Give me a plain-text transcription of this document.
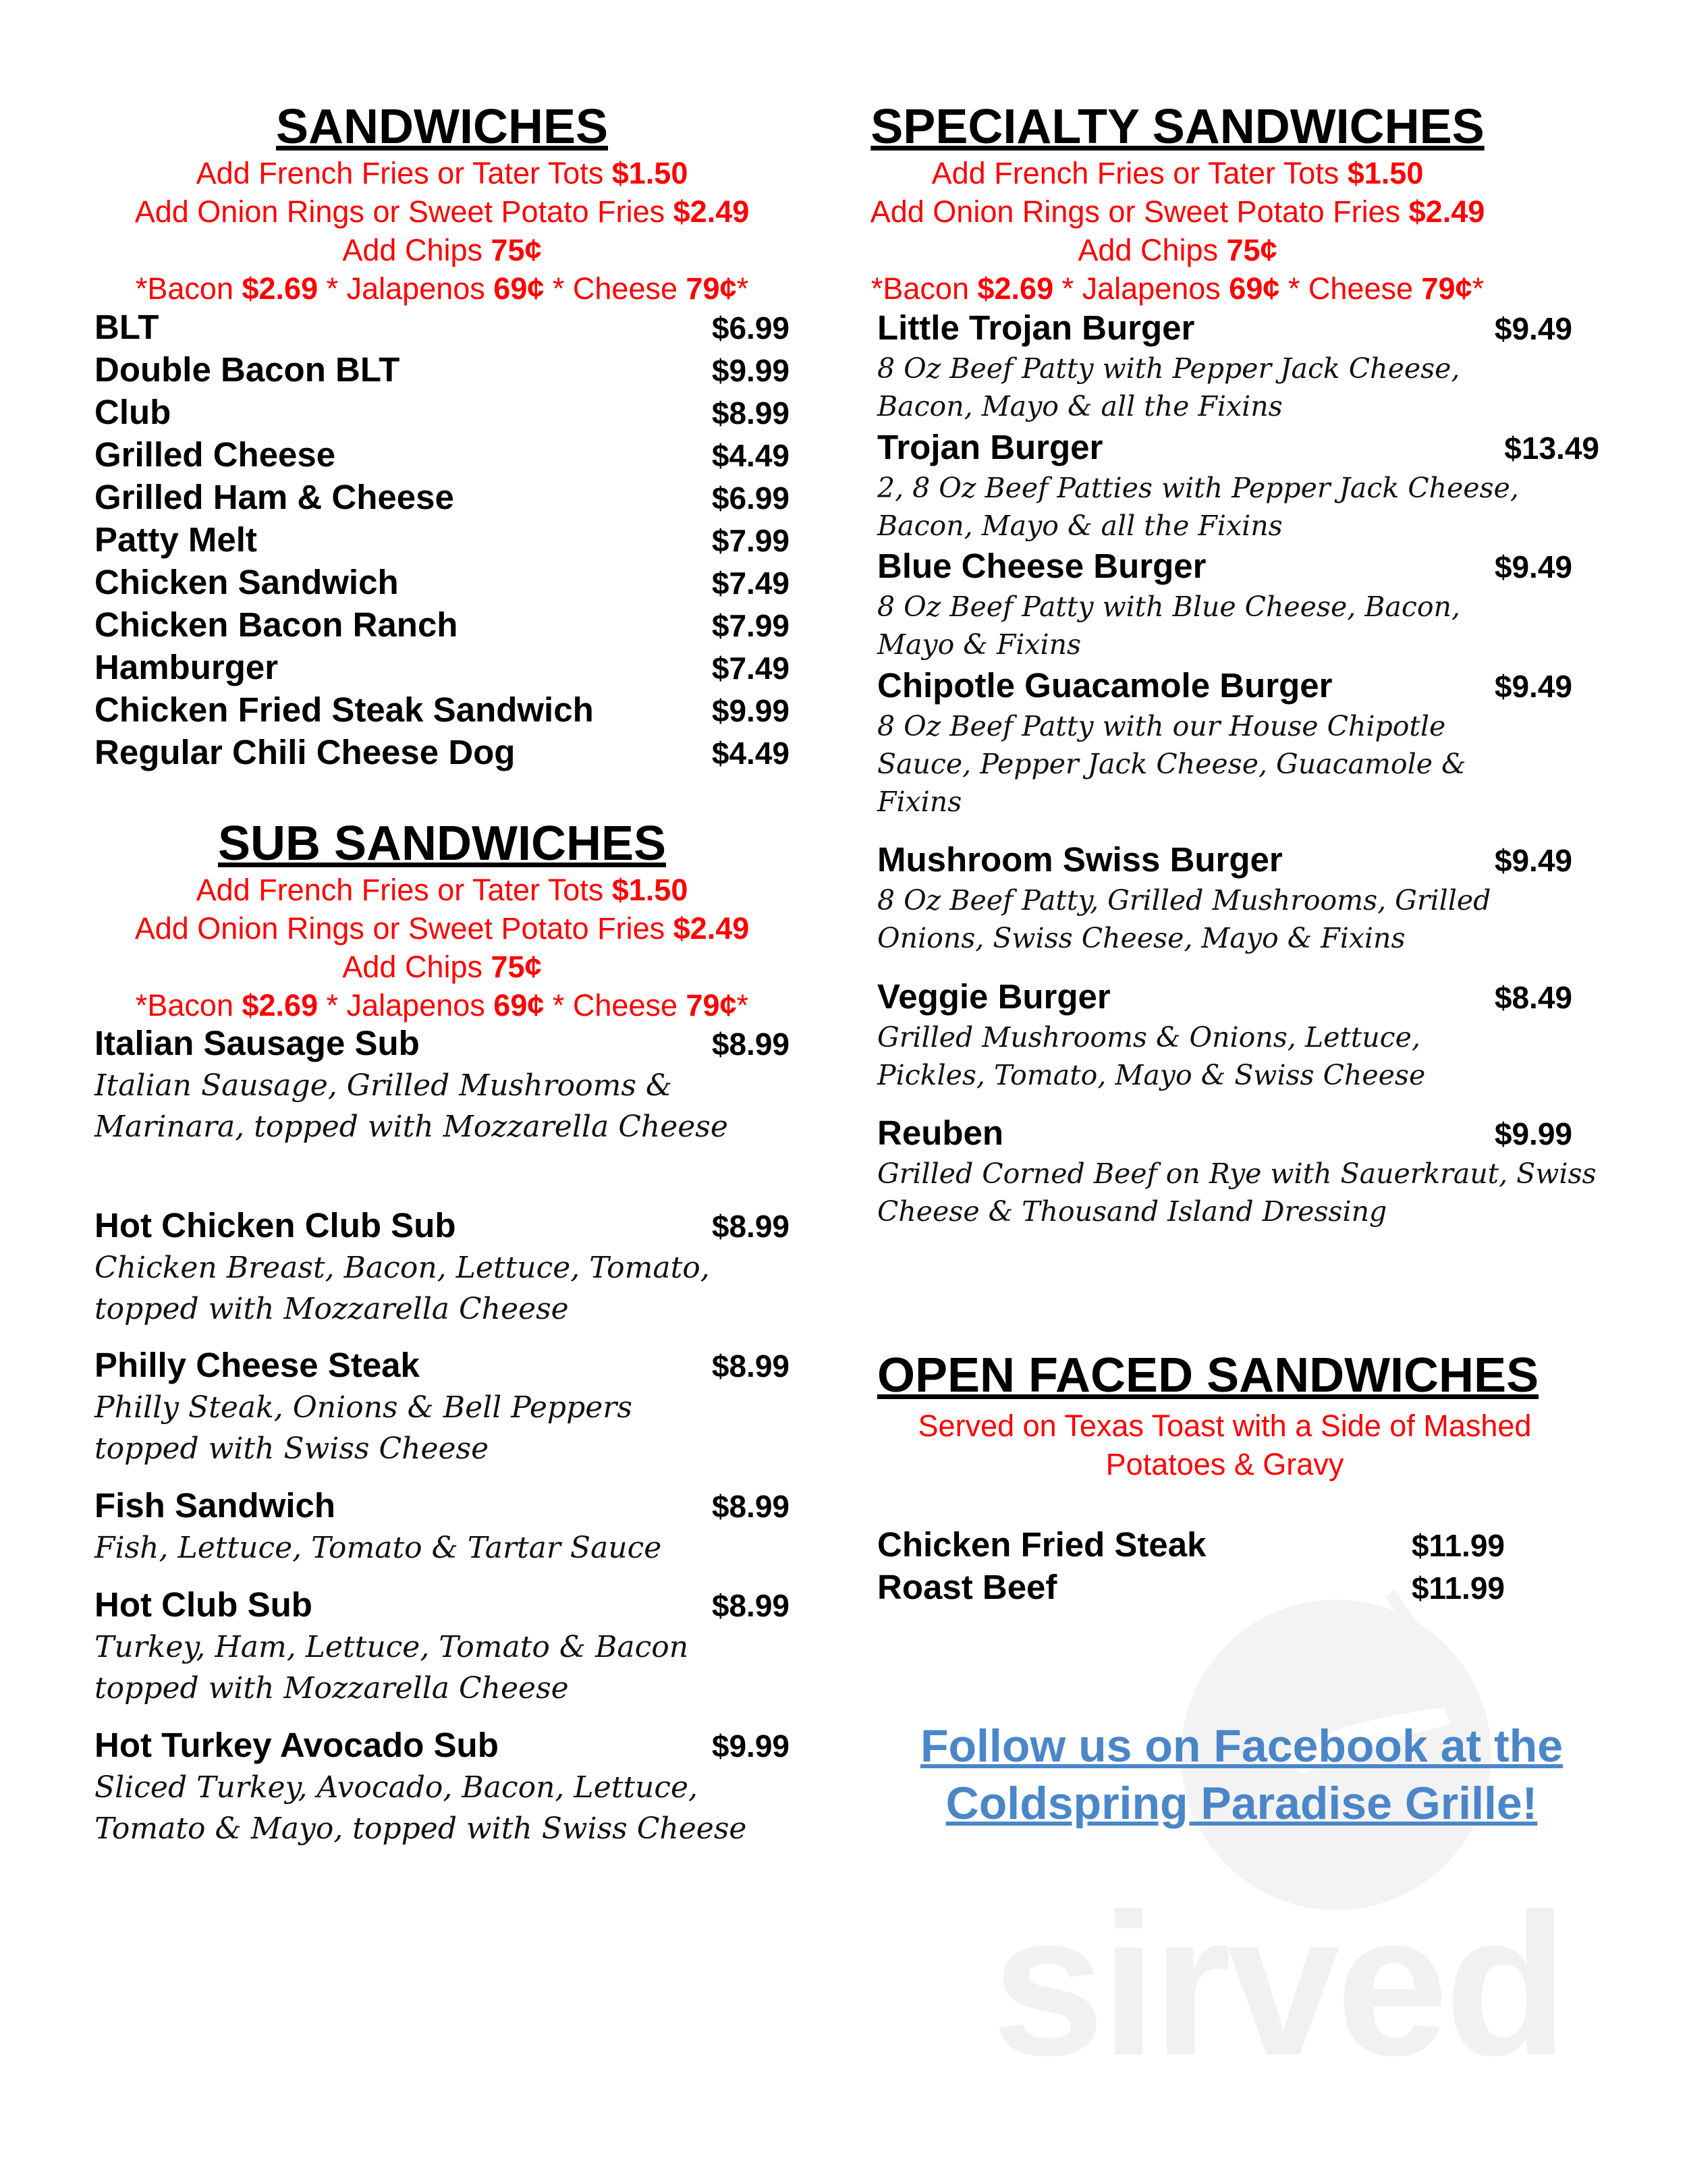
sirved
SANDWICHES
Add French Fries or Tater Tots $1.50
Add Onion Rings or Sweet Potato Fries $2.49
Add Chips 75¢
*Bacon $2.69 * Jalapenos 69¢ * Cheese 79¢*
BLT	$6.99
Double Bacon BLT	$9.99
Club	$8.99
Grilled Cheese	$4.49
Grilled Ham & Cheese	$6.99
Patty Melt	$7.99
Chicken Sandwich	$7.49
Chicken Bacon Ranch	$7.99
Hamburger	$7.49
Chicken Fried Steak Sandwich	$9.99
Regular Chili Cheese Dog	$4.49
SUB SANDWICHES
Add French Fries or Tater Tots $1.50
Add Onion Rings or Sweet Potato Fries $2.49
Add Chips 75¢
*Bacon $2.69 * Jalapenos 69¢ * Cheese 79¢*
Italian Sausage Sub	$8.99
Italian Sausage, Grilled Mushrooms & Marinara, topped with Mozzarella Cheese
Hot Chicken Club Sub	$8.99
Chicken Breast, Bacon, Lettuce, Tomato, topped with Mozzarella Cheese
Philly Cheese Steak	$8.99
Philly Steak, Onions & Bell Peppers topped with Swiss Cheese
Fish Sandwich	$8.99
Fish, Lettuce, Tomato & Tartar Sauce
Hot Club Sub	$8.99
Turkey, Ham, Lettuce, Tomato & Bacon topped with Mozzarella Cheese
Hot Turkey Avocado Sub	$9.99
Sliced Turkey, Avocado, Bacon, Lettuce, Tomato & Mayo, topped with Swiss Cheese
SPECIALTY SANDWICHES
Add French Fries or Tater Tots $1.50
Add Onion Rings or Sweet Potato Fries $2.49
Add Chips 75¢
*Bacon $2.69 * Jalapenos 69¢ * Cheese 79¢*
Little Trojan Burger	$9.49
8 Oz Beef Patty with Pepper Jack Cheese, Bacon, Mayo & all the Fixins
Trojan Burger	$13.49
2, 8 Oz Beef Patties with Pepper Jack Cheese, Bacon, Mayo & all the Fixins
Blue Cheese Burger	$9.49
8 Oz Beef Patty with Blue Cheese, Bacon, Mayo & Fixins
Chipotle Guacamole Burger	$9.49
8 Oz Beef Patty with our House Chipotle Sauce, Pepper Jack Cheese, Guacamole & Fixins
Mushroom Swiss Burger	$9.49
8 Oz Beef Patty, Grilled Mushrooms, Grilled Onions, Swiss Cheese, Mayo & Fixins
Veggie Burger	$8.49
Grilled Mushrooms & Onions, Lettuce, Pickles, Tomato, Mayo & Swiss Cheese
Reuben	$9.99
Grilled Corned Beef on Rye with Sauerkraut, Swiss Cheese & Thousand Island Dressing
OPEN FACED SANDWICHES
Served on Texas Toast with a Side of Mashed Potatoes & Gravy
Chicken Fried Steak	$11.99
Roast Beef	$11.99
Follow us on Facebook at the Coldspring Paradise Grille!
